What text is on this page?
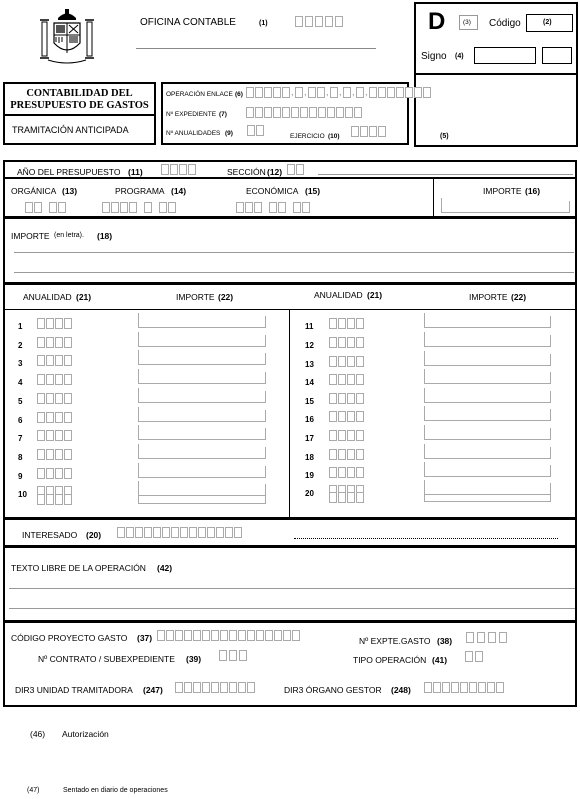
OFICINA CONTABLE	(1)	D	(3) Código	(2)
Signo (4)
(5)
CONTABILIDAD DEL
PRESUPUESTO DE GASTOS
TRAMITACIÓN ANTICIPADA
OPERACIÓN ENLACE (6)	, , , , , ,
Nº EXPEDIENTE (7)
Nº ANUALIDADES (9)	EJERCICIO (10)
AÑO DEL PRESUPUESTO (11)	SECCIÓN (12)
ORGÁNICA (13)	PROGRAMA (14)	ECONÓMICA (15)	IMPORTE (16)
IMPORTE (en letra). (18)
ANUALIDAD (21)	IMPORTE (22)	ANUALIDAD (21)	IMPORTE (22)
1	11
2	12
3	13
4	14
5	15
6	16
7	17
8	18
9	19
10	20
INTERESADO (20)
TEXTO LIBRE DE LA OPERACIÓN (42)
CÓDIGO PROYECTO GASTO (37)	Nº EXPTE.GASTO (38)
Nº CONTRATO / SUBEXPEDIENTE (39)	TIPO OPERACIÓN (41)
DIR3 UNIDAD TRAMITADORA (247)	DIR3 ÓRGANO GESTOR (248)
(46) Autorización
(47)	Sentado en diario de operaciones
